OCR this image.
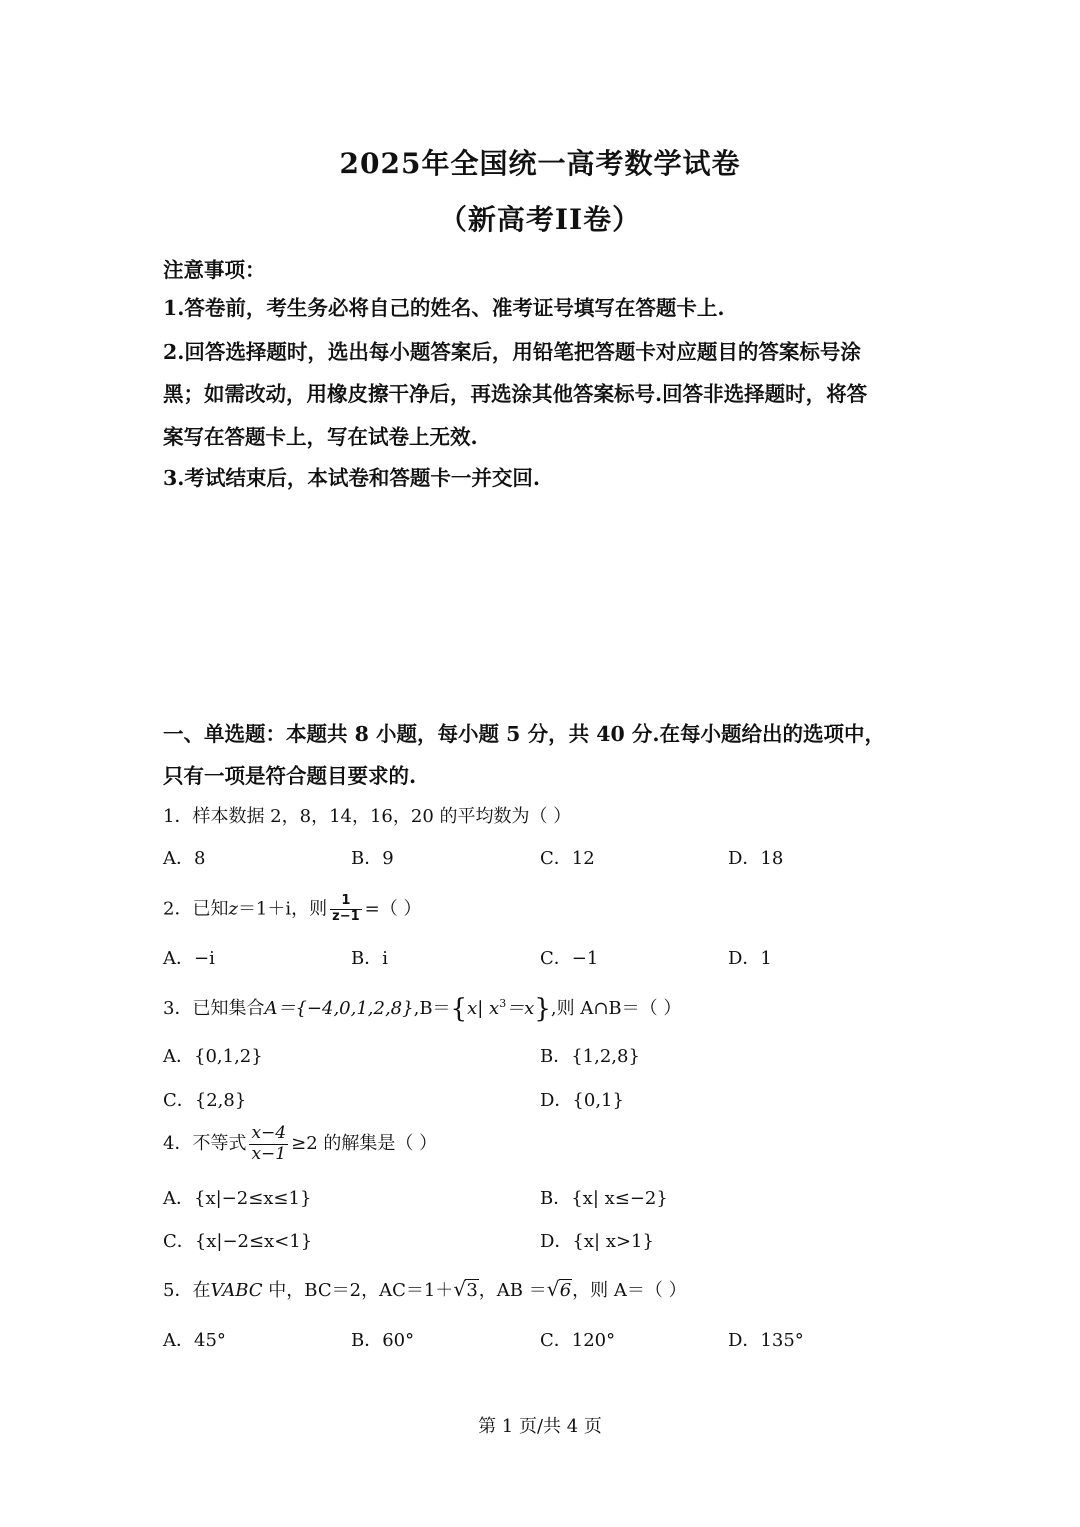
2025年全国统一高考数学试卷
（新高考II卷）
注意事项：
1.答卷前，考生务必将自己的姓名、准考证号填写在答题卡上.
2.回答选择题时，选出每小题答案后，用铅笔把答题卡对应题目的答案标号涂
黑；如需改动，用橡皮擦干净后，再选涂其他答案标号.回答非选择题时，将答
案写在答题卡上，写在试卷上无效.
3.考试结束后，本试卷和答题卡一并交回.
一、单选题：本题共 8 小题，每小题 5 分，共 40 分.在每小题给出的选项中，
只有一项是符合题目要求的.
1．样本数据 2，8，14，16，20 的平均数为（ ）
A．8	B．9	C．12	D．18
2．已知z＝1＋i，则 $\frac{1}{z-1}$ =（ ）
A．−i	B．i	C．−1	D．1
3．已知集合A＝{−4,0,1,2,8},B＝{x| $x^3=x$},则 A∩B＝（ ）
A．{0,1,2}	B．{1,2,8}
C．{2,8}	D．{0,1}
4．不等式 $\frac{x-4}{x-1} \ge 2$ 的解集是（ ）
A．{x|−2≤x≤1}	B．{x| x≤−2}
C．{x|−2≤x<1}	D．{x| x>1}
5．在VABC 中，BC＝2，AC＝1＋ √ 3，AB ＝ √ 6，则 A＝（ ）
A．45°	B．60°	C．120°	D．135°
第 1 页/共 4 页
